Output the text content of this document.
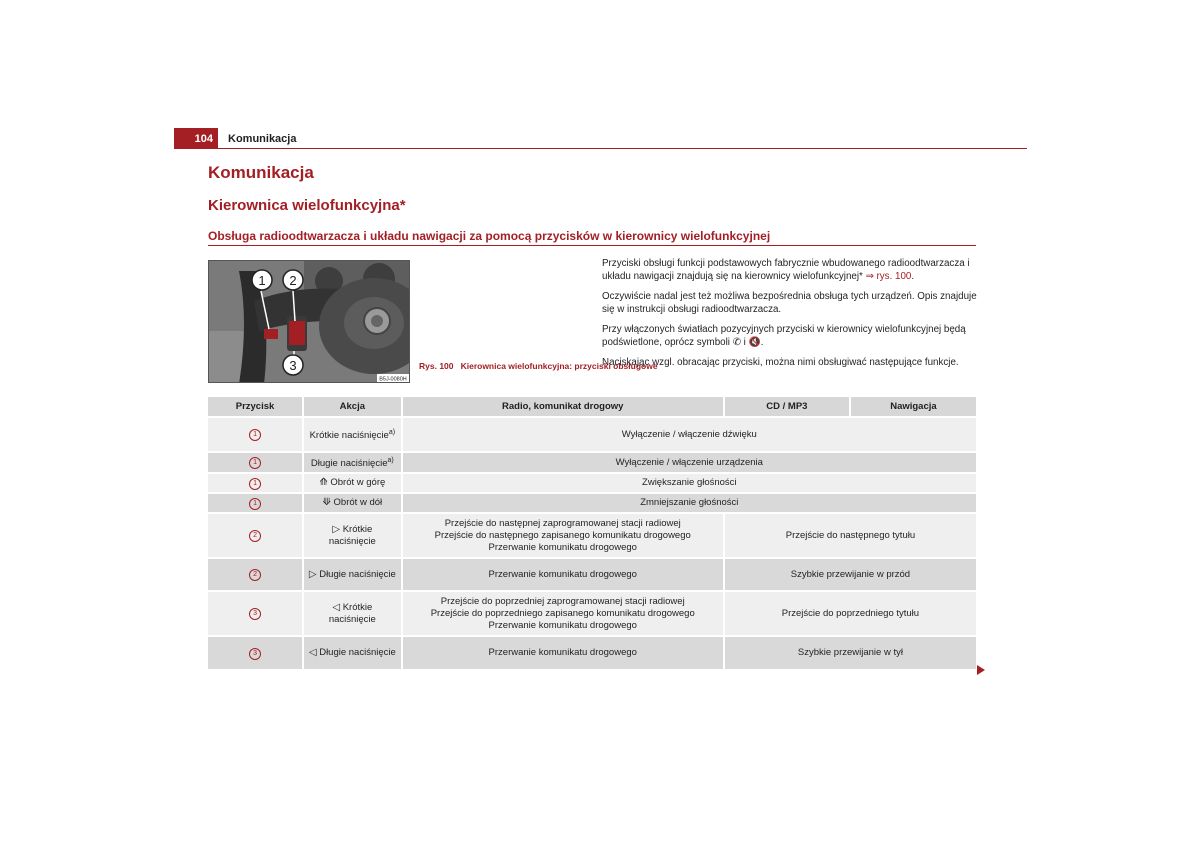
104 Komunikacja
Komunikacja
Kierownica wielofunkcyjna*
Obsługa radioodtwarzacza i układu nawigacji za pomocą przycisków w kierownicy wielofunkcyjnej
1 2
3
B5J-0080H
Rys. 100 Kierownica wielofunkcyjna: przyciski obsługowe

Przyciski obsługi funkcji podstawowych fabrycznie wbudowanego radioodtwarzacza i układu nawigacji znajdują się na kierownicy wielofunkcyjnej* ⇒ rys. 100.

Oczywiście nadal jest też możliwa bezpośrednia obsługa tych urządzeń. Opis znajduje się w instrukcji obsługi radioodtwarzacza.

Przy włączonych światłach pozycyjnych przyciski w kierownicy wielofunkcyjnej będą podświetlone, oprócz symboli ✆ i 🔇.

Naciskając wzgl. obracając przyciski, można nimi obsługiwać następujące funkcje.

Przycisk	Akcja	Radio, komunikat drogowy	CD / MP3	Nawigacja
1	Krótkie naciśnięcie$^{a)}$	Wyłączenie / włączenie dźwięku		
1	Długie naciśnięcie$^{a)}$	Wyłączenie / włączenie urządzenia		
1	⟰ Obrót w górę	Zwiększanie głośności		
1	⟱ Obrót w dół	Zmniejszanie głośności		
2	▷ Krótkie naciśnięcie	Przejście do następnej zaprogramowanej stacji radiowej
Przejście do następnego zapisanego komunikatu drogowego
Przerwanie komunikatu drogowego	Przejście do następnego tytułu	
2	▷ Długie naciśnięcie	Przerwanie komunikatu drogowego	Szybkie przewijanie w przód	
3	◁ Krótkie naciśnięcie	Przejście do poprzedniej zaprogramowanej stacji radiowej
Przejście do poprzedniego zapisanego komunikatu drogowego
Przerwanie komunikatu drogowego	Przejście do poprzedniego tytułu	
3	◁ Długie naciśnięcie	Przerwanie komunikatu drogowego	Szybkie przewijanie w tył	
